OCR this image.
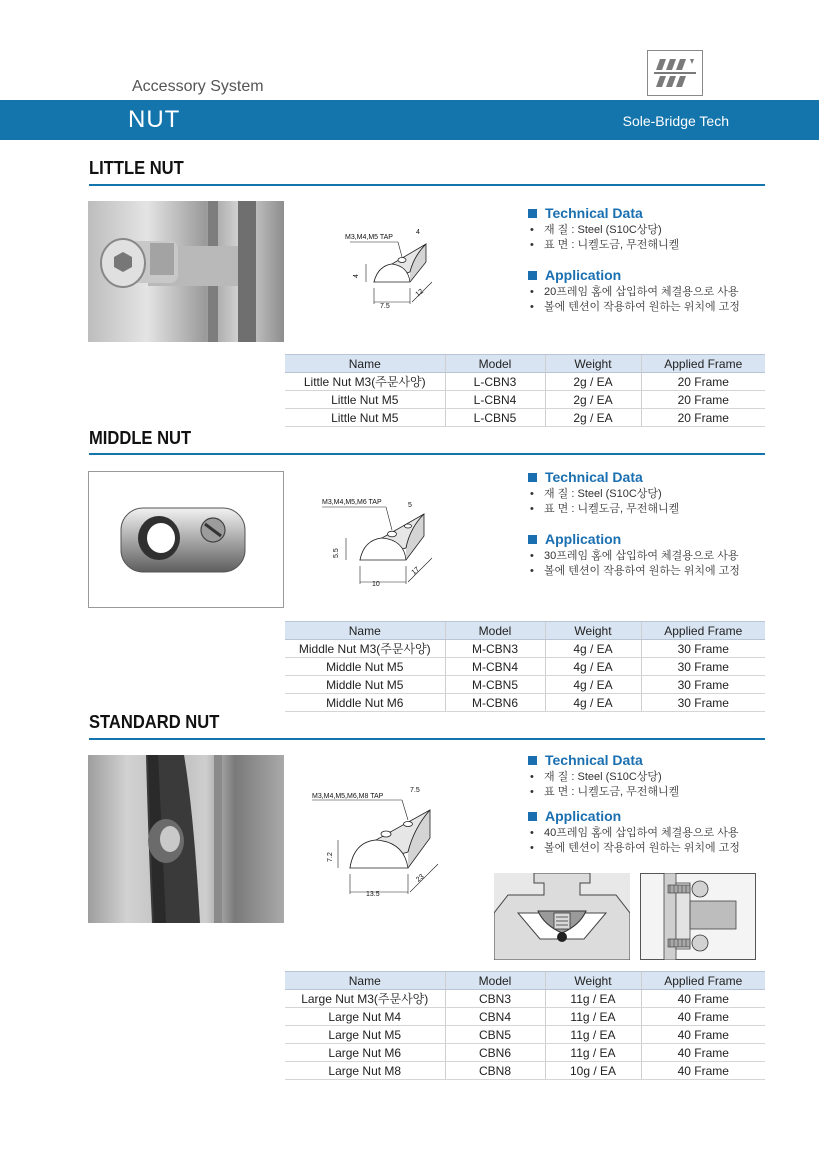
Accessory System
NUT	Sole-Bridge Tech
LITTLE NUT
M3,M4,M5 TAP
4
4
7.5
12
Technical Data
• 재 질 : Steel (S10C상당)
• 표 면 : 니켈도금, 무전해니켈
Application
• 20프레임 홈에 삽입하여 체결용으로 사용
• 볼에 텐션이 작용하여 원하는 위치에 고정
Name	Model	Weight	Applied Frame
Little Nut M3(주문사양)	L-CBN3	2g / EA	20 Frame
Little Nut M5	L-CBN4	2g / EA	20 Frame
Little Nut M5	L-CBN5	2g / EA	20 Frame
MIDDLE NUT
M3,M4,M5,M6 TAP	5
5.5
10
17
Technical Data
• 재 질 : Steel (S10C상당)
• 표 면 : 니켈도금, 무전해니켈
Application
• 30프레임 홈에 삽입하여 체결용으로 사용
• 볼에 텐션이 작용하여 원하는 위치에 고정
Name	Model	Weight	Applied Frame
Middle Nut M3(주문사양)	M-CBN3	4g / EA	30 Frame
Middle Nut M5	M-CBN4	4g / EA	30 Frame
Middle Nut M5	M-CBN5	4g / EA	30 Frame
Middle Nut M6	M-CBN6	4g / EA	30 Frame
STANDARD NUT
M3,M4,M5,M6,M8 TAP
7.5
7.2
13.5
23
Technical Data
• 재 질 : Steel (S10C상당)
• 표 면 : 니켈도금, 무전해니켈
Application
• 40프레임 홈에 삽입하여 체결용으로 사용
• 볼에 텐션이 작용하여 원하는 위치에 고정
Name	Model	Weight	Applied Frame
Large Nut M3(주문사양)	CBN3	11g / EA	40 Frame
Large Nut M4	CBN4	11g / EA	40 Frame
Large Nut M5	CBN5	11g / EA	40 Frame
Large Nut M6	CBN6	11g / EA	40 Frame
Large Nut M8	CBN8	10g / EA	40 Frame
